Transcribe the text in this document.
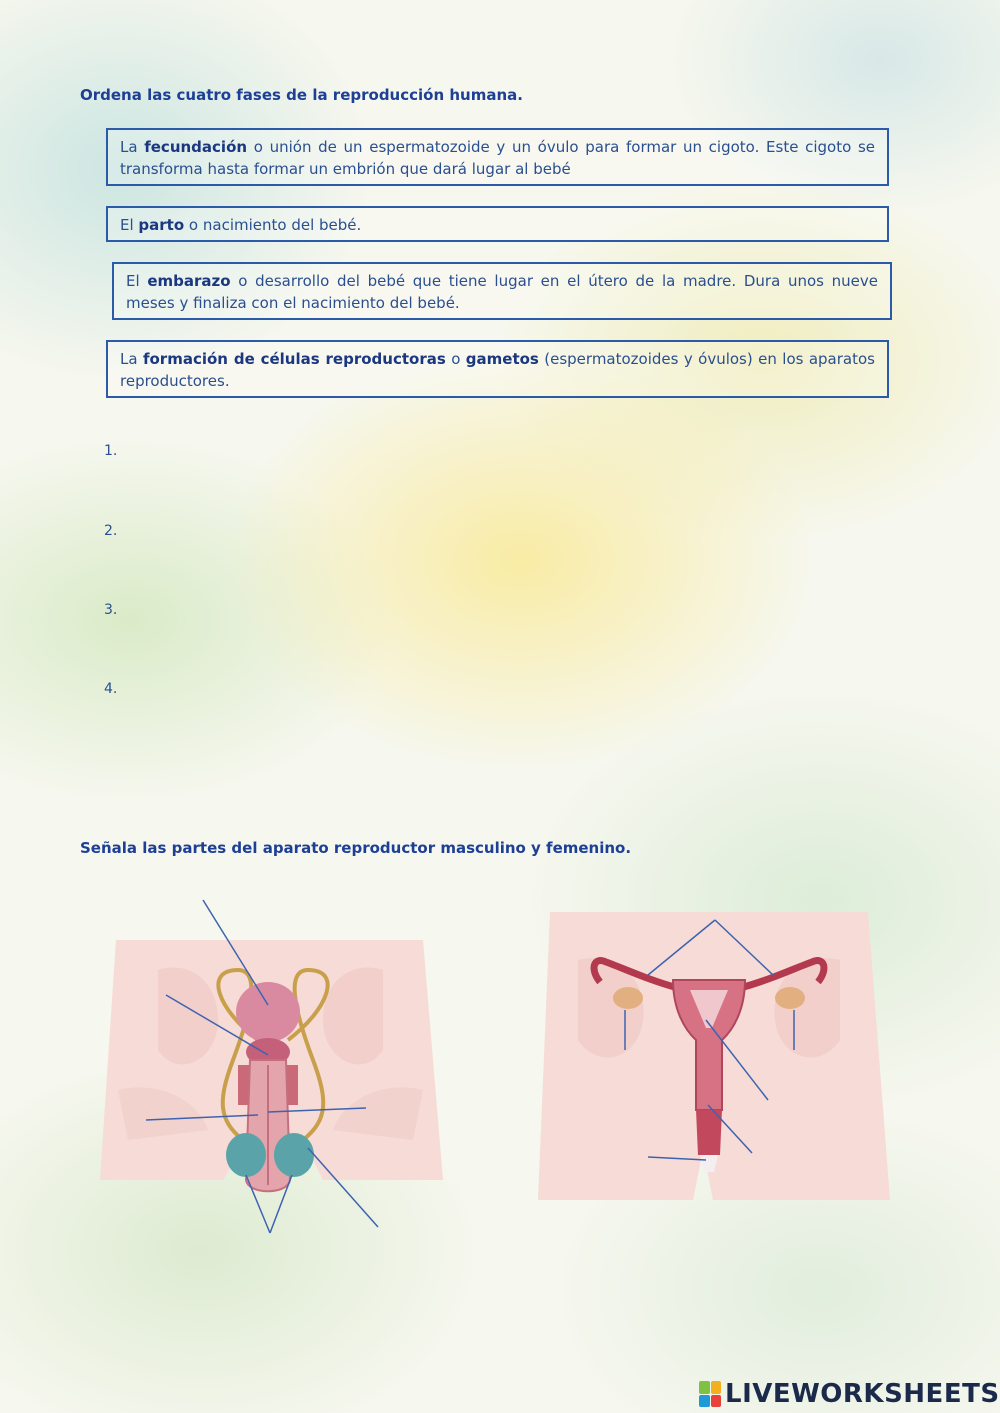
Ordena las cuatro fases de la reproducción humana.
La fecundación o unión de un espermatozoide y un óvulo para formar un cigoto. Este cigoto se transforma hasta formar un embrión que dará lugar al bebé
El parto o nacimiento del bebé.
El embarazo o desarrollo del bebé que tiene lugar en el útero de la madre. Dura unos nueve meses y finaliza con el nacimiento del bebé.
La formación de células reproductoras o gametos (espermatozoides y óvulos) en los aparatos reproductores.
1.
2.
3.
4.
Señala las partes del aparato reproductor masculino y femenino.
LIVEWORKSHEETS
